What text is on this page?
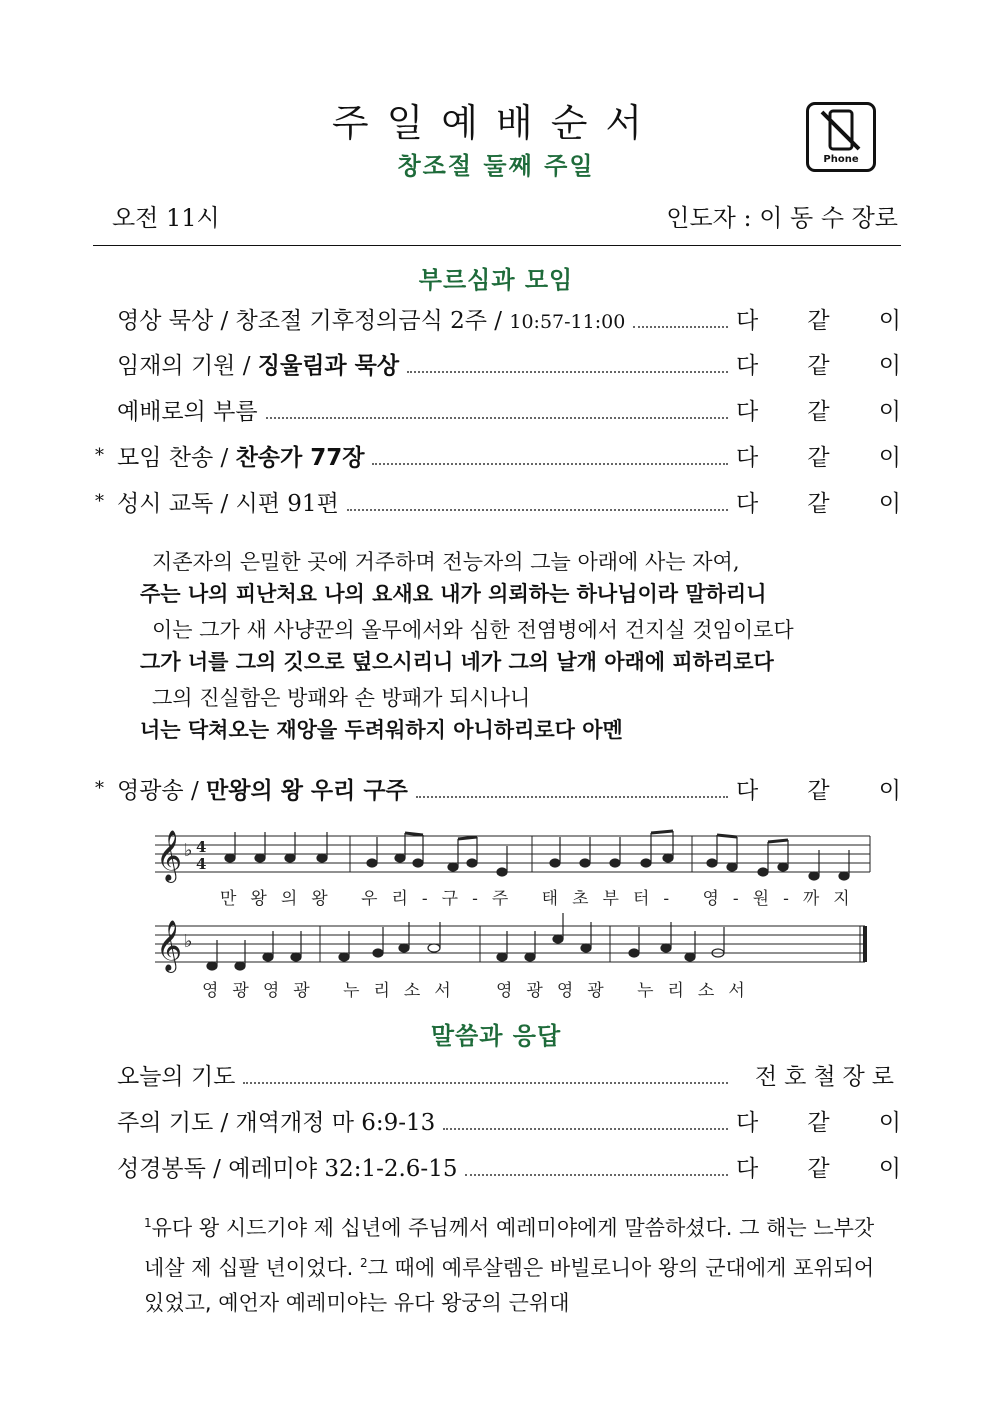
주일예배순서
창조절 둘째 주일	Phone
오전 11시	인도자 : 이 동 수 장로
부르심과 모임
영상 묵상 / 창조절 기후정의금식 2주 / 10:57-11:00	다 같 이
임재의 기원 / 징울림과 묵상	다 같 이
예배로의 부름	다 같 이
* 모임 찬송 / 찬송가 77장	다 같 이
* 성시 교독 / 시편 91편	다 같 이
지존자의 은밀한 곳에 거주하며 전능자의 그늘 아래에 사는 자여,
주는 나의 피난처요 나의 요새요 내가 의뢰하는 하나님이라 말하리니
이는 그가 새 사냥꾼의 올무에서와 심한 전염병에서 건지실 것임이로다
그가 너를 그의 깃으로 덮으시리니 네가 그의 날개 아래에 피하리로다
그의 진실함은 방패와 손 방패가 되시나니
너는 닥쳐오는 재앙을 두려워하지 아니하리로다 아멘
* 영광송 / 만왕의 왕 우리 구주	다 같 이
𝄞
𝄞
♭
♭
4
4
만왕의왕 우리-구-주 태초부터- 영-원-까지
영광영광 누리소서 영광영광 누리소서
말씀과 응답
오늘의 기도	전호철장로
주의 기도 / 개역개정 마 6:9-13	다 같 이
성경봉독 / 예레미야 32:1-2.6-15	다 같 이
$^1$유다 왕 시드기야 제 십년에 주님께서 예레미야에게 말씀하셨다. 그 해는 느부갓네살 제 십팔 년이었다. $^2$그 때에 예루살렘은 바빌로니아 왕의 군대에게 포위되어 있었고, 예언자 예레미야는 유다 왕궁의 근위대
